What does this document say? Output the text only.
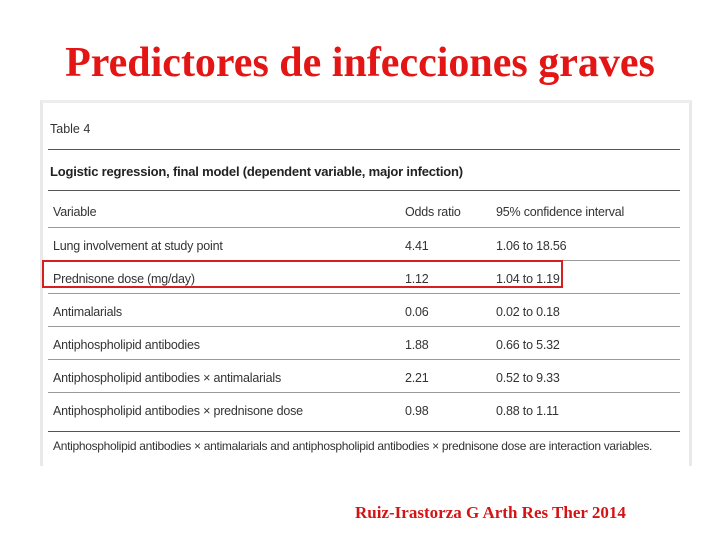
Predictores de infecciones graves
Table 4
Logistic regression, final model (dependent variable, major infection)
Variable	Odds ratio	95% confidence interval
Lung involvement at study point	4.41	1.06 to 18.56
Prednisone dose (mg/day)	1.12	1.04 to 1.19
Antimalarials	0.06	0.02 to 0.18
Antiphospholipid antibodies	1.88	0.66 to 5.32
Antiphospholipid antibodies × antimalarials	2.21	0.52 to 9.33
Antiphospholipid antibodies × prednisone dose	0.98	0.88 to 1.11
Antiphospholipid antibodies × antimalarials and antiphospholipid antibodies × prednisone dose are interaction variables.
Ruiz-Irastorza G Arth Res Ther 2014
